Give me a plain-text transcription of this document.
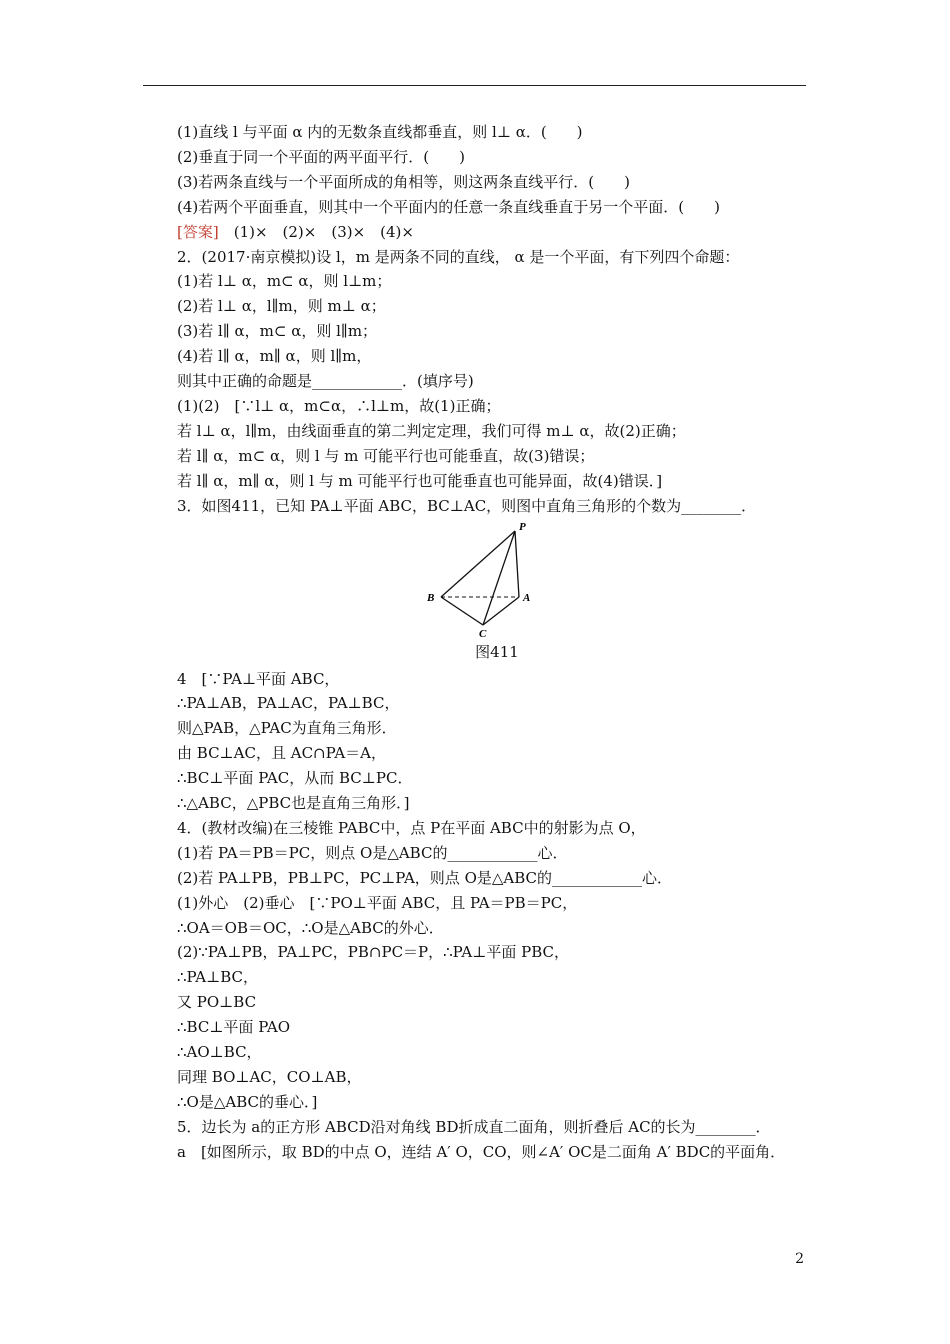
(1)直线 l 与平面 α 内的无数条直线都垂直，则 l⊥ α．(　　)
(2)垂直于同一个平面的两平面平行．(　　)
(3)若两条直线与一个平面所成的角相等，则这两条直线平行．(　　)
(4)若两个平面垂直，则其中一个平面内的任意一条直线垂直于另一个平面．(　　)
[答案]　(1)×　(2)×　(3)×　(4)×
2．(2017·南京模拟)设 l，m 是两条不同的直线， α 是一个平面，有下列四个命题：
(1)若 l⊥ α，m⊂ α，则 l⊥m；
(2)若 l⊥ α，l∥m，则 m⊥ α；
(3)若 l∥ α，m⊂ α，则 l∥m；
(4)若 l∥ α，m∥ α，则 l∥m，
则其中正确的命题是____________．(填序号)
(1)(2)　[∵l⊥ α，m⊂α，∴l⊥m，故(1)正确；
若 l⊥ α，l∥m，由线面垂直的第二判定定理，我们可得 m⊥ α，故(2)正确；
若 l∥ α，m⊂ α，则 l 与 m 可能平行也可能垂直，故(3)错误；
若 l∥ α，m∥ α，则 l 与 m 可能平行也可能垂直也可能异面，故(4)错误．]
3．如图411，已知 PA⊥平面 ABC，BC⊥AC，则图中直角三角形的个数为________．
P
A
B
C
图411
4　[∵PA⊥平面 ABC，
∴PA⊥AB，PA⊥AC，PA⊥BC，
则△PAB，△PAC为直角三角形．
由 BC⊥AC，且 AC∩PA＝A，
∴BC⊥平面 PAC，从而 BC⊥PC．
∴△ABC，△PBC也是直角三角形．]
4．(教材改编)在三棱锥 PABC中，点 P在平面 ABC中的射影为点 O，
(1)若 PA＝PB＝PC，则点 O是△ABC的____________心．
(2)若 PA⊥PB，PB⊥PC，PC⊥PA，则点 O是△ABC的____________心．
(1)外心　(2)垂心　[∵PO⊥平面 ABC，且 PA＝PB＝PC，
∴OA＝OB＝OC，∴O是△ABC的外心．
(2)∵PA⊥PB，PA⊥PC，PB∩PC＝P，∴PA⊥平面 PBC，
∴PA⊥BC，
又 PO⊥BC
∴BC⊥平面 PAO
∴AO⊥BC，
同理 BO⊥AC，CO⊥AB，
∴O是△ABC的垂心．]
5．边长为 a的正方形 ABCD沿对角线 BD折成直二面角，则折叠后 AC的长为________．
a　[如图所示，取 BD的中点 O，连结 A′ O，CO，则∠A′ OC是二面角 A′ BDC的平面角．
2
